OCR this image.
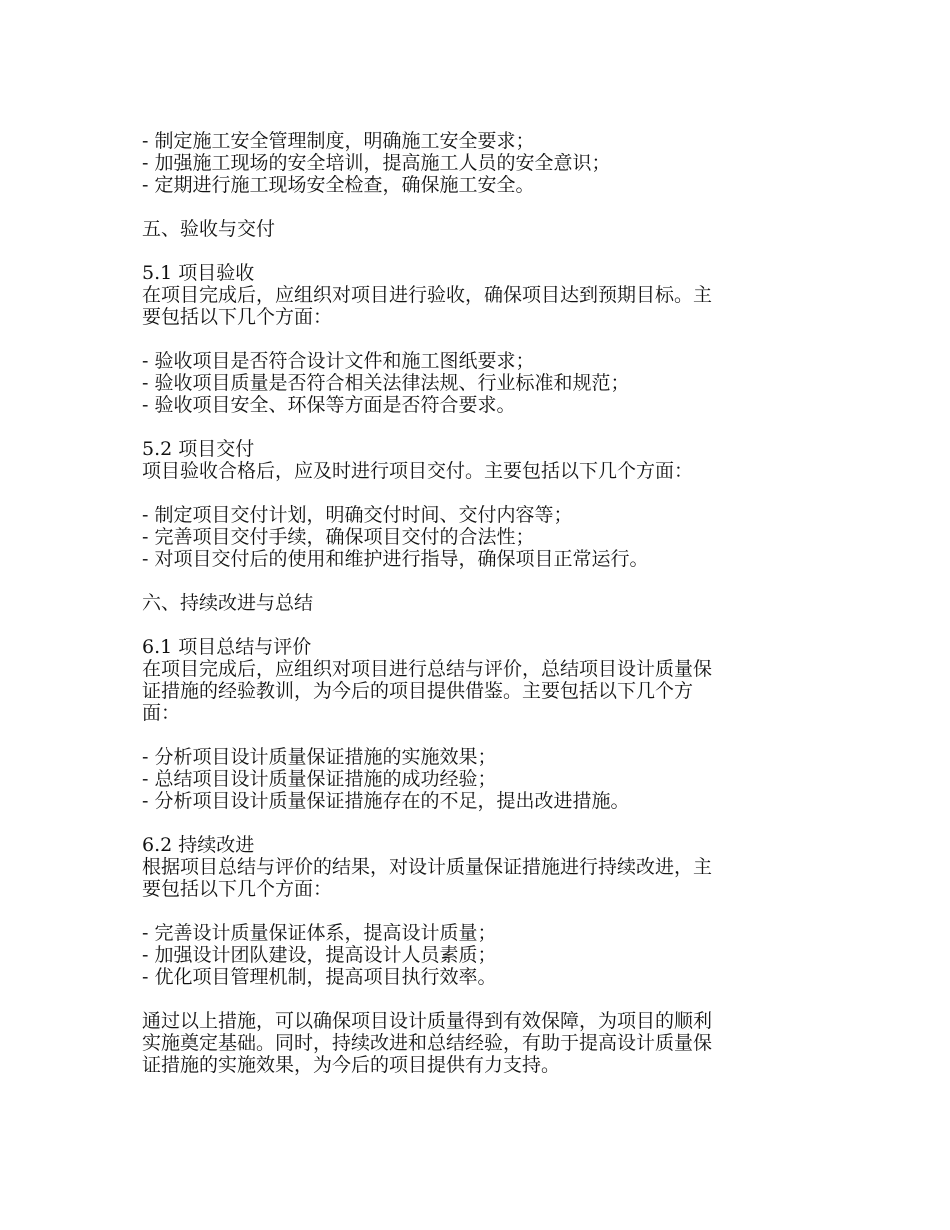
- 制定施工安全管理制度，明确施工安全要求；
- 加强施工现场的安全培训，提高施工人员的安全意识；
- 定期进行施工现场安全检查，确保施工安全。
五、验收与交付
5.1 项目验收
在项目完成后，应组织对项目进行验收，确保项目达到预期目标。主
要包括以下几个方面：
- 验收项目是否符合设计文件和施工图纸要求；
- 验收项目质量是否符合相关法律法规、行业标准和规范；
- 验收项目安全、环保等方面是否符合要求。
5.2 项目交付
项目验收合格后，应及时进行项目交付。主要包括以下几个方面：
- 制定项目交付计划，明确交付时间、交付内容等；
- 完善项目交付手续，确保项目交付的合法性；
- 对项目交付后的使用和维护进行指导，确保项目正常运行。
六、持续改进与总结
6.1 项目总结与评价
在项目完成后，应组织对项目进行总结与评价，总结项目设计质量保
证措施的经验教训，为今后的项目提供借鉴。主要包括以下几个方
面：
- 分析项目设计质量保证措施的实施效果；
- 总结项目设计质量保证措施的成功经验；
- 分析项目设计质量保证措施存在的不足，提出改进措施。
6.2 持续改进
根据项目总结与评价的结果，对设计质量保证措施进行持续改进，主
要包括以下几个方面：
- 完善设计质量保证体系，提高设计质量；
- 加强设计团队建设，提高设计人员素质；
- 优化项目管理机制，提高项目执行效率。
通过以上措施，可以确保项目设计质量得到有效保障，为项目的顺利
实施奠定基础。同时，持续改进和总结经验，有助于提高设计质量保
证措施的实施效果，为今后的项目提供有力支持。
